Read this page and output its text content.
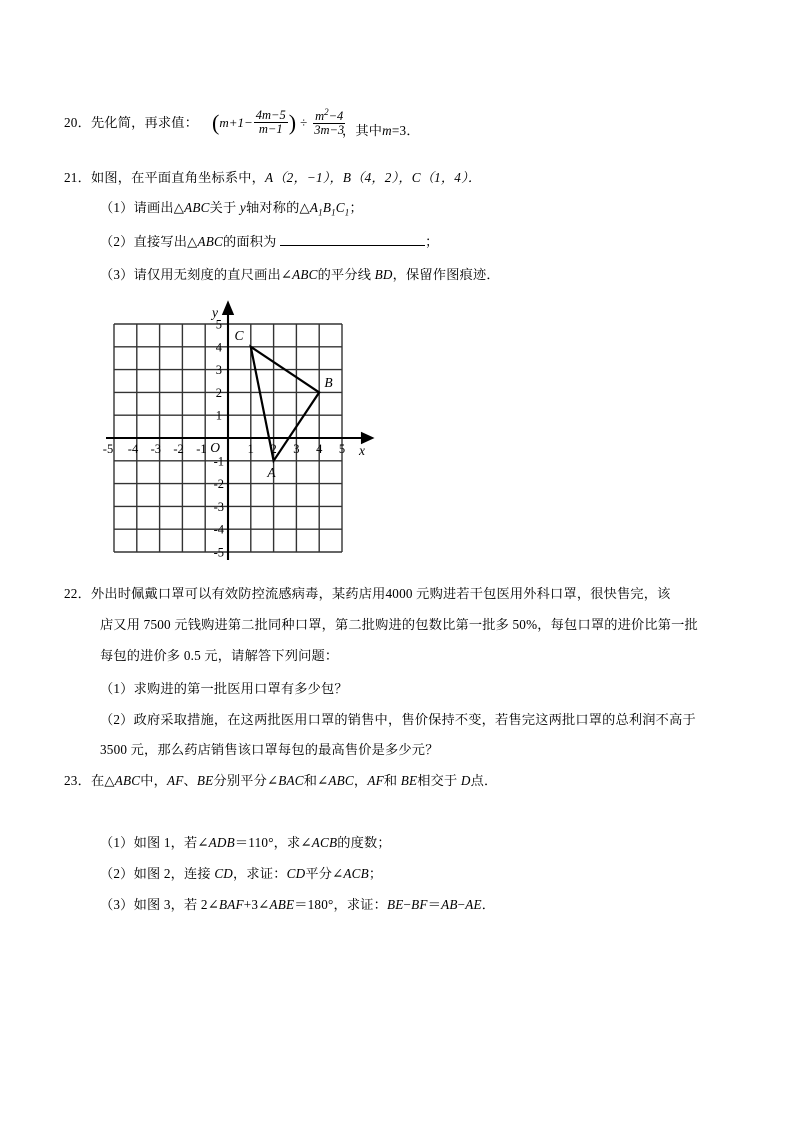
20．先化简，再求值： ( $m+1- \frac{4m-5}{m-1}$ ) ÷ $\frac{m^2-4}{3m-3}$
，其中m=3．
21．如图，在平面直角坐标系中，A（2，−1），B（4，2），C（1，4）．
（1）请画出△ABC关于 y轴对称的$\triangle A_1B_1C_1$；
（2）直接写出△ABC的面积为	；
（3）请仅用无刻度的直尺画出∠ABC的平分线 BD，保留作图痕迹．
-5 -4 -3 -2 -1	1 2 3 4 5
5
4
3
2
1
-1
-2
-3
-4
-5
y
x
O
A
B
C
22．外出时佩戴口罩可以有效防控流感病毒，某药店用4000 元购进若干包医用外科口罩，很快售完，该
店又用 7500 元钱购进第二批同种口罩，第二批购进的包数比第一批多 50%，每包口罩的进价比第一批
每包的进价多 0.5 元，请解答下列问题：
（1）求购进的第一批医用口罩有多少包？
（2）政府采取措施，在这两批医用口罩的销售中，售价保持不变，若售完这两批口罩的总利润不高于
3500 元，那么药店销售该口罩每包的最高售价是多少元？
23．在△ABC中，AF、BE分别平分∠BAC和∠ABC，AF和 BE相交于 D点．
（1）如图 1，若∠ADB＝110°，求∠ACB的度数；
（2）如图 2，连接 CD，求证：CD平分∠ACB；
（3）如图 3，若 2∠BAF+3∠ABE＝180°，求证：BE−BF＝AB−AE．
